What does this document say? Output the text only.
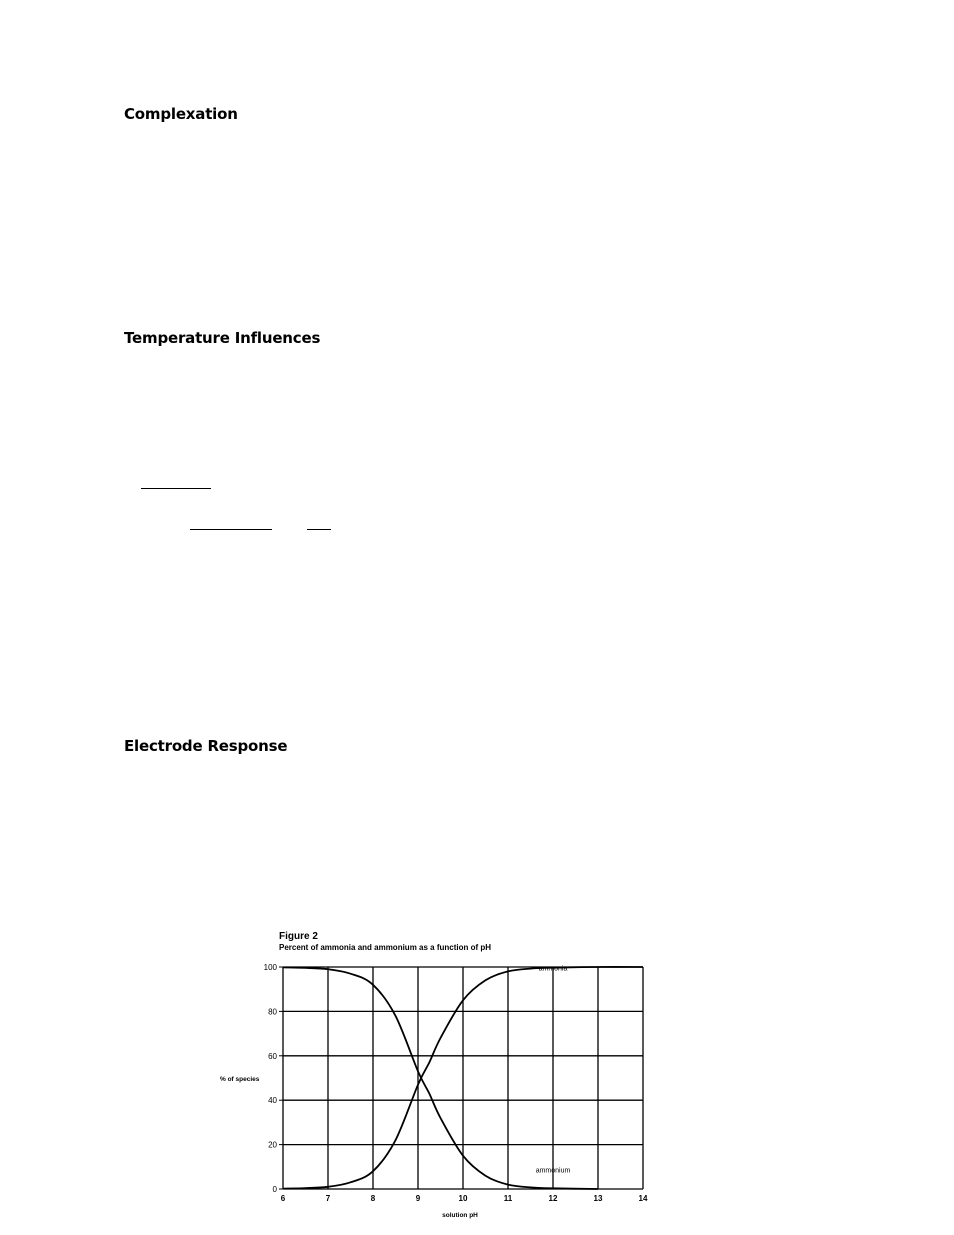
Complexation
Temperature Influences
Electrode Response
Figure 2
Percent of ammonia and ammonium as a function of pH
6	7	8	9	10	11	12	13	14
0
20
40
60
80
100	ammonia
ammonium
% of species
solution pH
